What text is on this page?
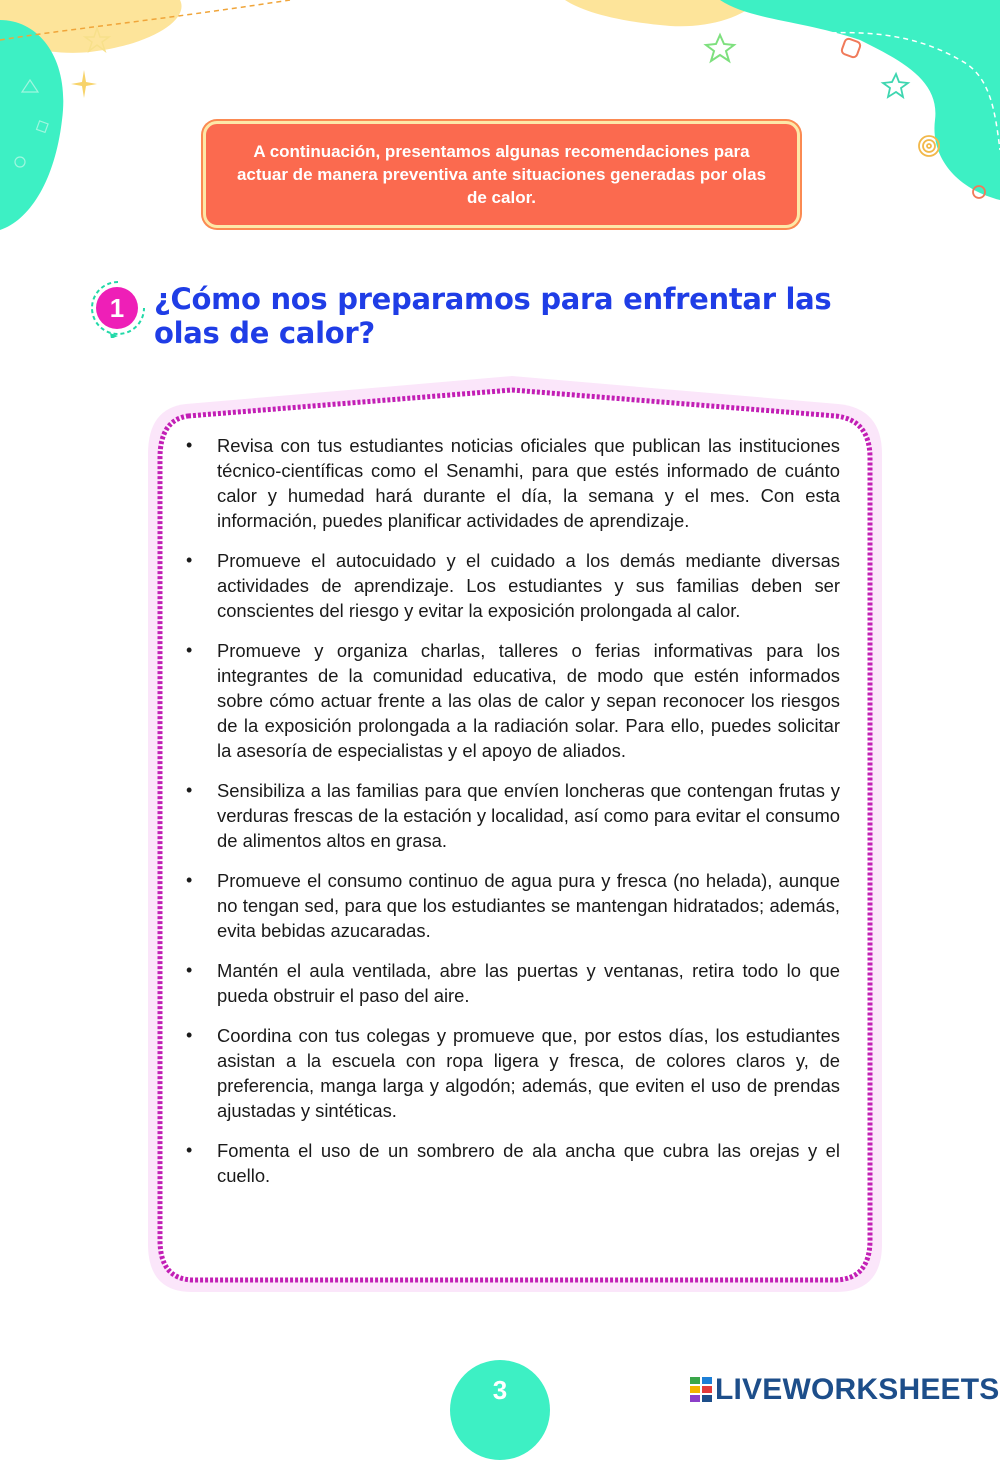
A continuación, presentamos algunas recomendaciones para actuar de manera preventiva ante situaciones generadas por olas de calor.
1	¿Cómo nos preparamos para enfrentar las olas de calor?
• Revisa con tus estudiantes noticias oficiales que publican las instituciones técnico-científicas como el Senamhi, para que estés informado de cuánto calor y humedad hará durante el día, la semana y el mes. Con esta información, puedes planificar actividades de aprendizaje.
• Promueve el autocuidado y el cuidado a los demás mediante diversas actividades de aprendizaje. Los estudiantes y sus familias deben ser conscientes del riesgo y evitar la exposición prolongada al calor.
• Promueve y organiza charlas, talleres o ferias informativas para los integrantes de la comunidad educativa, de modo que estén informados sobre cómo actuar frente a las olas de calor y sepan reconocer los riesgos de la exposición prolongada a la radiación solar. Para ello, puedes solicitar la asesoría de especialistas y el apoyo de aliados.
• Sensibiliza a las familias para que envíen loncheras que contengan frutas y verduras frescas de la estación y localidad, así como para evitar el consumo de alimentos altos en grasa.
• Promueve el consumo continuo de agua pura y fresca (no helada), aunque no tengan sed, para que los estudiantes se mantengan hidratados; además, evita bebidas azucaradas.
• Mantén el aula ventilada, abre las puertas y ventanas, retira todo lo que pueda obstruir el paso del aire.
• Coordina con tus colegas y promueve que, por estos días, los estudiantes asistan a la escuela con ropa ligera y fresca, de colores claros y, de preferencia, manga larga y algodón; además, que eviten el uso de prendas ajustadas y sintéticas.
• Fomenta el uso de un sombrero de ala ancha que cubra las orejas y el cuello.
3	LIVEWORKSHEETS
